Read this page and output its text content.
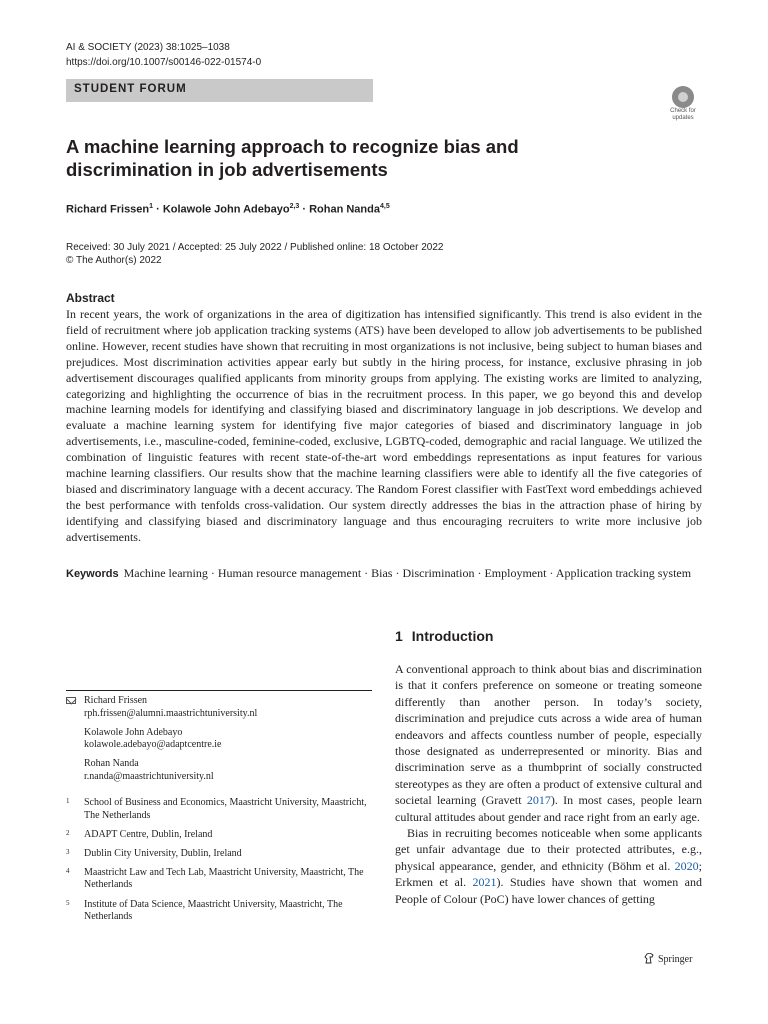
AI & SOCIETY (2023) 38:1025–1038
https://doi.org/10.1007/s00146-022-01574-0
STUDENT FORUM
Check for
updates
A machine learning approach to recognize bias and discrimination in job advertisements
Richard Frissen$^1$ · Kolawole John Adebayo$^{2,3}$ · Rohan Nanda$^{4,5}$
Received: 30 July 2021 / Accepted: 25 July 2022 / Published online: 18 October 2022
© The Author(s) 2022
Abstract
In recent years, the work of organizations in the area of digitization has intensified significantly. This trend is also evident in the field of recruitment where job application tracking systems (ATS) have been developed to allow job advertisements to be published online. However, recent studies have shown that recruiting in most organizations is not inclusive, being subject to human biases and prejudices. Most discrimination activities appear early but subtly in the hiring process, for instance, exclusive phrasing in job advertisement discourages qualified applicants from minority groups from applying. The existing works are limited to analyzing, categorizing and highlighting the occurrence of bias in the recruitment process. In this paper, we go beyond this and develop machine learning models for identifying and classifying biased and discriminatory language in job descriptions. We develop and evaluate a machine learning system for identifying five major categories of biased and discriminatory language in job advertisements, i.e., masculine-coded, feminine-coded, exclusive, LGBTQ-coded, demographic and racial language. We utilized the combination of linguistic features with recent state-of-the-art word embeddings representations as input features for various machine learning classifiers. Our results show that the machine learning classifiers were able to identify all the five categories of biased and discriminatory language with a decent accuracy. The Random Forest classifier with FastText word embeddings achieved the best performance with tenfolds cross-validation. Our system directly addresses the bias in the attraction phase of hiring by identifying and classifying biased and discriminatory language and thus encouraging recruiters to write more inclusive job advertisements.
Keywords Machine learning · Human resource management · Bias · Discrimination · Employment · Application tracking system
1 Introduction

A conventional approach to think about bias and discrimination is that it confers preference on someone or treating someone differently than another person. In today’s society, discrimination and prejudice cuts across a wide area of human endeavors and affects countless number of people, especially those designated as underrepresented or minority. Bias and discrimination serve as a thumbprint of socially constructed stereotypes as they are often a product of extensive cultural and societal learning (Gravett 2017). In most cases, people learn cultural attitudes about gender and race right from an early age.

Bias in recruiting becomes noticeable when some applicants get unfair advantage due to their protected attributes, e.g., physical appearance, gender, and ethnicity (Böhm et al. 2020; Erkmen et al. 2021). Studies have shown that women and People of Colour (PoC) have lower chances of getting

Richard Frissen
rph.frissen@alumni.maastrichtuniversity.nl
Kolawole John Adebayo
kolawole.adebayo@adaptcentre.ie
Rohan Nanda
r.nanda@maastrichtuniversity.nl
1 School of Business and Economics, Maastricht University, Maastricht, The Netherlands
2 ADAPT Centre, Dublin, Ireland
3 Dublin City University, Dublin, Ireland
4 Maastricht Law and Tech Lab, Maastricht University, Maastricht, The Netherlands
5 Institute of Data Science, Maastricht University, Maastricht, The Netherlands
Springer
